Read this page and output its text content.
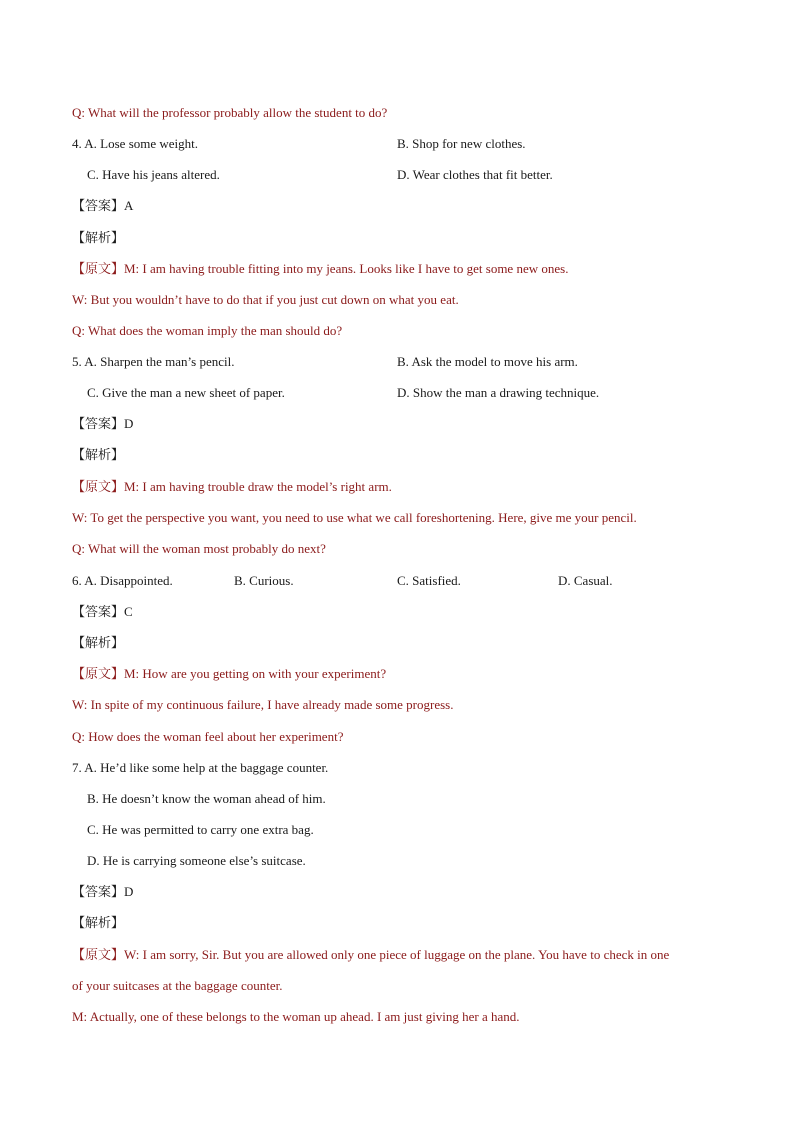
Q: What will the professor probably allow the student to do?
4. A. Lose some weight.	B. Shop for new clothes.
C. Have his jeans altered.	D. Wear clothes that fit better.
【答案】A
【解析】
【原文】M: I am having trouble fitting into my jeans. Looks like I have to get some new ones.
W: But you wouldn’t have to do that if you just cut down on what you eat.
Q: What does the woman imply the man should do?
5. A. Sharpen the man’s pencil.	B. Ask the model to move his arm.
C. Give the man a new sheet of paper.	D. Show the man a drawing technique.
【答案】D
【解析】
【原文】M: I am having trouble draw the model’s right arm.
W: To get the perspective you want, you need to use what we call foreshortening. Here, give me your pencil.
Q: What will the woman most probably do next?
6. A. Disappointed.	B. Curious.	C. Satisfied.	D. Casual.
【答案】C
【解析】
【原文】M: How are you getting on with your experiment?
W: In spite of my continuous failure, I have already made some progress.
Q: How does the woman feel about her experiment?
7. A. He’d like some help at the baggage counter.
B. He doesn’t know the woman ahead of him.
C. He was permitted to carry one extra bag.
D. He is carrying someone else’s suitcase.
【答案】D
【解析】
【原文】W: I am sorry, Sir. But you are allowed only one piece of luggage on the plane. You have to check in one
of your suitcases at the baggage counter.
M: Actually, one of these belongs to the woman up ahead. I am just giving her a hand.
